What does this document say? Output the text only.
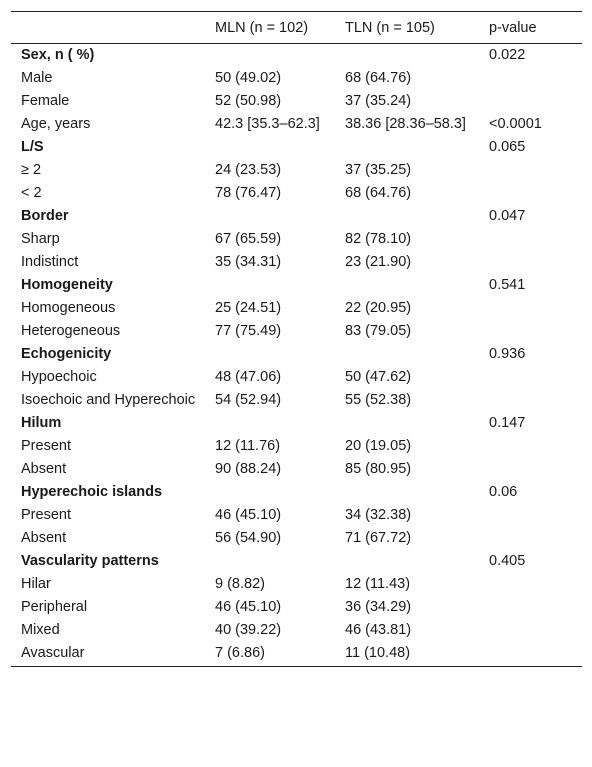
	MLN (n = 102)	TLN (n = 105)	p-value
Sex, n ( %)			0.022
Male	50 (49.02)	68 (64.76)	
Female	52 (50.98)	37 (35.24)	
Age, years	42.3 [35.3–62.3]	38.36 [28.36–58.3]	<0.0001
L/S			0.065
≥ 2	24 (23.53)	37 (35.25)	
< 2	78 (76.47)	68 (64.76)	
Border			0.047
Sharp	67 (65.59)	82 (78.10)	
Indistinct	35 (34.31)	23 (21.90)	
Homogeneity			0.541
Homogeneous	25 (24.51)	22 (20.95)	
Heterogeneous	77 (75.49)	83 (79.05)	
Echogenicity			0.936
Hypoechoic	48 (47.06)	50 (47.62)	
Isoechoic and Hyperechoic	54 (52.94)	55 (52.38)	
Hilum			0.147
Present	12 (11.76)	20 (19.05)	
Absent	90 (88.24)	85 (80.95)	
Hyperechoic islands			0.06
Present	46 (45.10)	34 (32.38)	
Absent	56 (54.90)	71 (67.72)	
Vascularity patterns			0.405
Hilar	9 (8.82)	12 (11.43)	
Peripheral	46 (45.10)	36 (34.29)	
Mixed	40 (39.22)	46 (43.81)	
Avascular	7 (6.86)	11 (10.48)	
